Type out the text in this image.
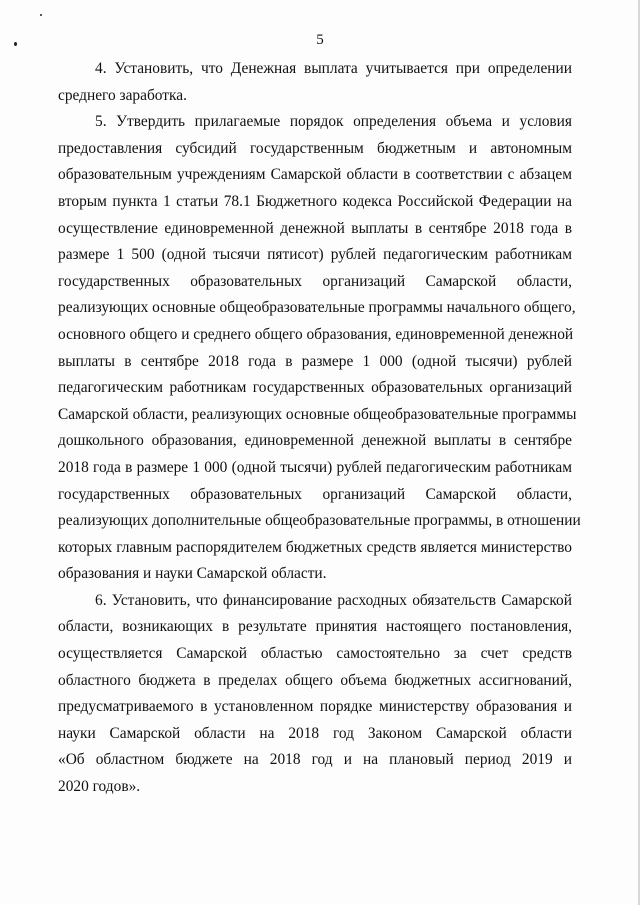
5

4. Установить, что Денежная выплата учитывается при определении
среднего заработка.

5. Утвердить прилагаемые порядок определения объема и условия
предоставления субсидий государственным бюджетным и автономным
образовательным учреждениям Самарской области в соответствии с абзацем
вторым пункта 1 статьи 78.1 Бюджетного кодекса Российской Федерации на
осуществление единовременной денежной выплаты в сентябре 2018 года в
размере 1 500 (одной тысячи пятисот) рублей педагогическим работникам
государственных образовательных организаций Самарской области,
реализующих основные общеобразовательные программы начального общего,
основного общего и среднего общего образования, единовременной денежной
выплаты в сентябре 2018 года в размере 1 000 (одной тысячи) рублей
педагогическим работникам государственных образовательных организаций
Самарской области, реализующих основные общеобразовательные программы
дошкольного образования, единовременной денежной выплаты в сентябре
2018 года в размере 1 000 (одной тысячи) рублей педагогическим работникам
государственных образовательных организаций Самарской области,
реализующих дополнительные общеобразовательные программы, в отношении
которых главным распорядителем бюджетных средств является министерство
образования и науки Самарской области.

6. Установить, что финансирование расходных обязательств Самарской
области, возникающих в результате принятия настоящего постановления,
осуществляется Самарской областью самостоятельно за счет средств
областного бюджета в пределах общего объема бюджетных ассигнований,
предусматриваемого в установленном порядке министерству образования и
науки Самарской области на 2018 год Законом Самарской области
«Об областном бюджете на 2018 год и на плановый период 2019 и
2020 годов».
